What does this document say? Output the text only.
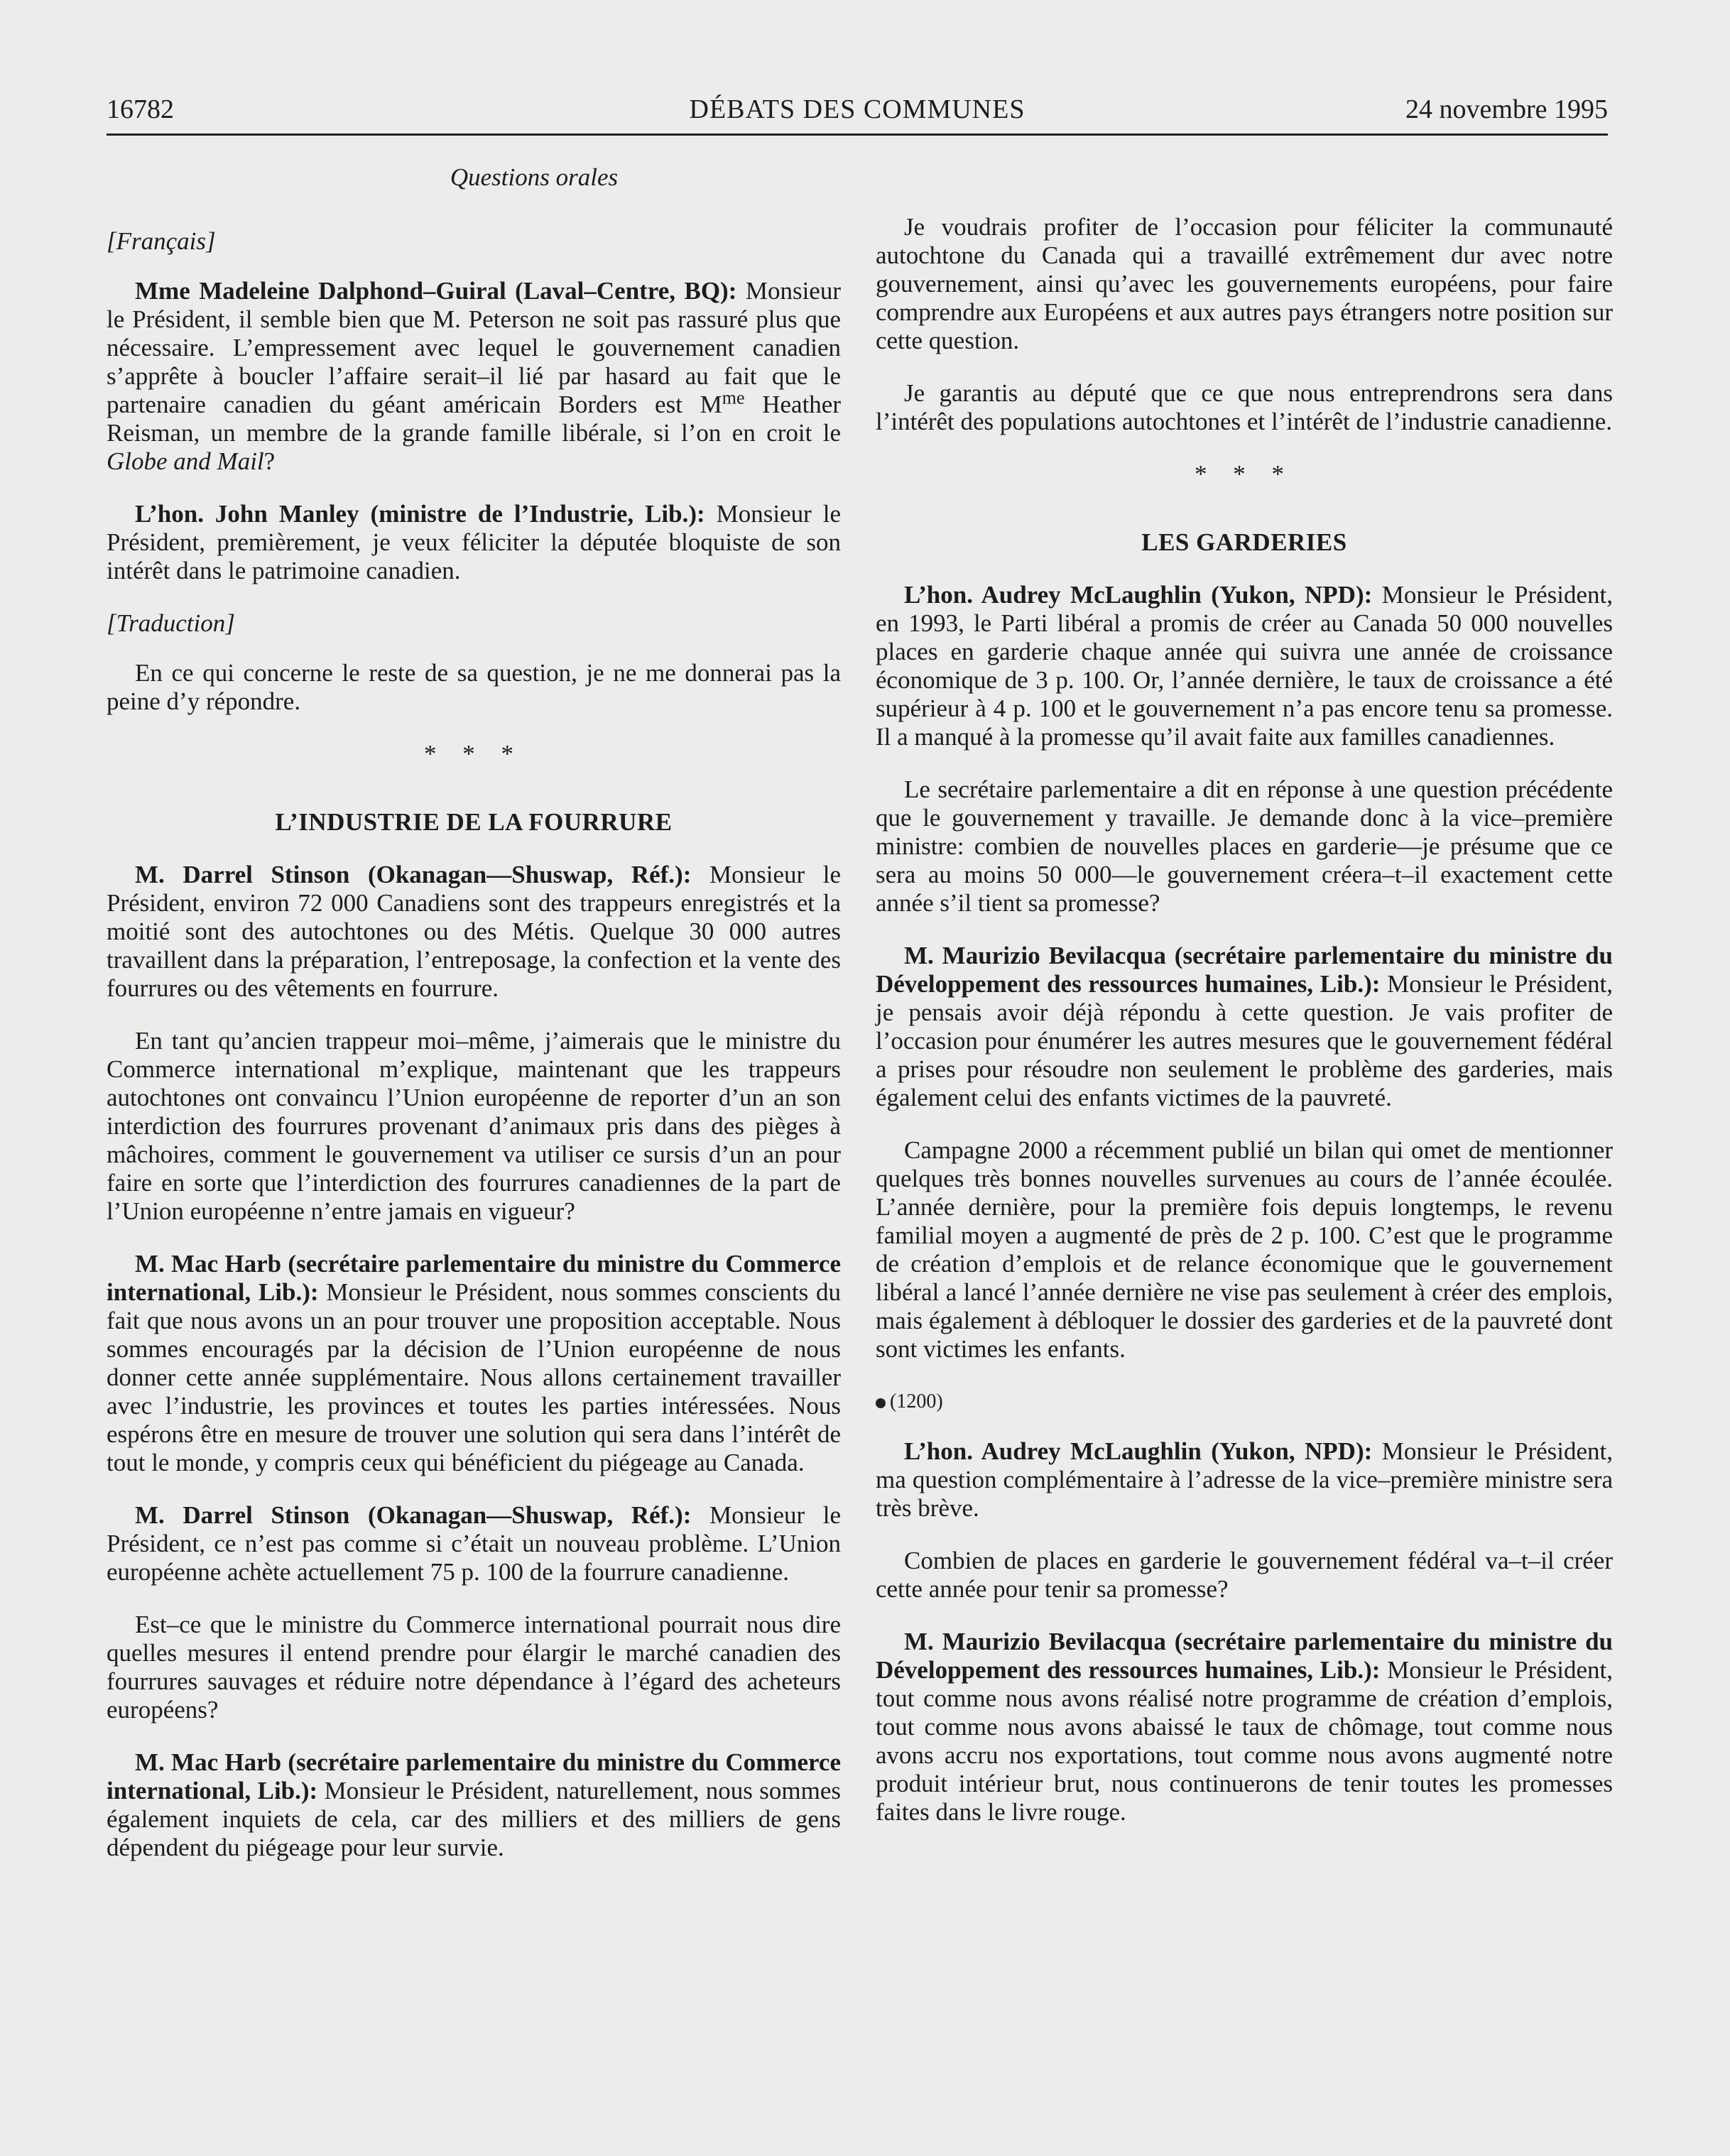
16782	DÉBATS DES COMMUNES	24 novembre 1995
Questions orales

[Français]

Mme Madeleine Dalphond–Guiral (Laval–Centre, BQ): Monsieur le Président, il semble bien que M. Peterson ne soit pas rassuré plus que nécessaire. L’empressement avec lequel le gouvernement canadien s’apprête à boucler l’affaire serait–il lié par hasard au fait que le partenaire canadien du géant américain Borders est $M^{me}$ Heather Reisman, un membre de la grande famille libérale, si l’on en croit le Globe and Mail?

L’hon. John Manley (ministre de l’Industrie, Lib.): Monsieur le Président, premièrement, je veux féliciter la députée bloquiste de son intérêt dans le patrimoine canadien.

[Traduction]

En ce qui concerne le reste de sa question, je ne me donnerai pas la peine d’y répondre.

* * *
L’INDUSTRIE DE LA FOURRURE

M. Darrel Stinson (Okanagan—Shuswap, Réf.): Monsieur le Président, environ 72 000 Canadiens sont des trappeurs enregistrés et la moitié sont des autochtones ou des Métis. Quelque 30 000 autres travaillent dans la préparation, l’entreposage, la confection et la vente des fourrures ou des vêtements en fourrure.

En tant qu’ancien trappeur moi–même, j’aimerais que le ministre du Commerce international m’explique, maintenant que les trappeurs autochtones ont convaincu l’Union européenne de reporter d’un an son interdiction des fourrures provenant d’animaux pris dans des pièges à mâchoires, comment le gouvernement va utiliser ce sursis d’un an pour faire en sorte que l’interdiction des fourrures canadiennes de la part de l’Union européenne n’entre jamais en vigueur?

M. Mac Harb (secrétaire parlementaire du ministre du Commerce international, Lib.): Monsieur le Président, nous sommes conscients du fait que nous avons un an pour trouver une proposition acceptable. Nous sommes encouragés par la décision de l’Union européenne de nous donner cette année supplémentaire. Nous allons certainement travailler avec l’industrie, les provinces et toutes les parties intéressées. Nous espérons être en mesure de trouver une solution qui sera dans l’intérêt de tout le monde, y compris ceux qui bénéficient du piégeage au Canada.

M. Darrel Stinson (Okanagan—Shuswap, Réf.): Monsieur le Président, ce n’est pas comme si c’était un nouveau problème. L’Union européenne achète actuellement 75 p. 100 de la fourrure canadienne.

Est–ce que le ministre du Commerce international pourrait nous dire quelles mesures il entend prendre pour élargir le marché canadien des fourrures sauvages et réduire notre dépendance à l’égard des acheteurs européens?

M. Mac Harb (secrétaire parlementaire du ministre du Commerce international, Lib.): Monsieur le Président, naturellement, nous sommes également inquiets de cela, car des milliers et des milliers de gens dépendent du piégeage pour leur survie.

Je voudrais profiter de l’occasion pour féliciter la communauté autochtone du Canada qui a travaillé extrêmement dur avec notre gouvernement, ainsi qu’avec les gouvernements européens, pour faire comprendre aux Européens et aux autres pays étrangers notre position sur cette question.

Je garantis au député que ce que nous entreprendrons sera dans l’intérêt des populations autochtones et l’intérêt de l’industrie canadienne.

* * *
LES GARDERIES

L’hon. Audrey McLaughlin (Yukon, NPD): Monsieur le Président, en 1993, le Parti libéral a promis de créer au Canada 50 000 nouvelles places en garderie chaque année qui suivra une année de croissance économique de 3 p. 100. Or, l’année dernière, le taux de croissance a été supérieur à 4 p. 100 et le gouvernement n’a pas encore tenu sa promesse. Il a manqué à la promesse qu’il avait faite aux familles canadiennes.

Le secrétaire parlementaire a dit en réponse à une question précédente que le gouvernement y travaille. Je demande donc à la vice–première ministre: combien de nouvelles places en garderie—je présume que ce sera au moins 50 000—le gouvernement créera–t–il exactement cette année s’il tient sa promesse?

M. Maurizio Bevilacqua (secrétaire parlementaire du ministre du Développement des ressources humaines, Lib.): Monsieur le Président, je pensais avoir déjà répondu à cette question. Je vais profiter de l’occasion pour énumérer les autres mesures que le gouvernement fédéral a prises pour résoudre non seulement le problème des garderies, mais également celui des enfants victimes de la pauvreté.

Campagne 2000 a récemment publié un bilan qui omet de mentionner quelques très bonnes nouvelles survenues au cours de l’année écoulée. L’année dernière, pour la première fois depuis longtemps, le revenu familial moyen a augmenté de près de 2 p. 100. C’est que le programme de création d’emplois et de relance économique que le gouvernement libéral a lancé l’année dernière ne vise pas seulement à créer des emplois, mais également à débloquer le dossier des garderies et de la pauvreté dont sont victimes les enfants.

(1200)

L’hon. Audrey McLaughlin (Yukon, NPD): Monsieur le Président, ma question complémentaire à l’adresse de la vice–première ministre sera très brève.

Combien de places en garderie le gouvernement fédéral va–t–il créer cette année pour tenir sa promesse?

M. Maurizio Bevilacqua (secrétaire parlementaire du ministre du Développement des ressources humaines, Lib.): Monsieur le Président, tout comme nous avons réalisé notre programme de création d’emplois, tout comme nous avons abaissé le taux de chômage, tout comme nous avons accru nos exportations, tout comme nous avons augmenté notre produit intérieur brut, nous continuerons de tenir toutes les promesses faites dans le livre rouge.
